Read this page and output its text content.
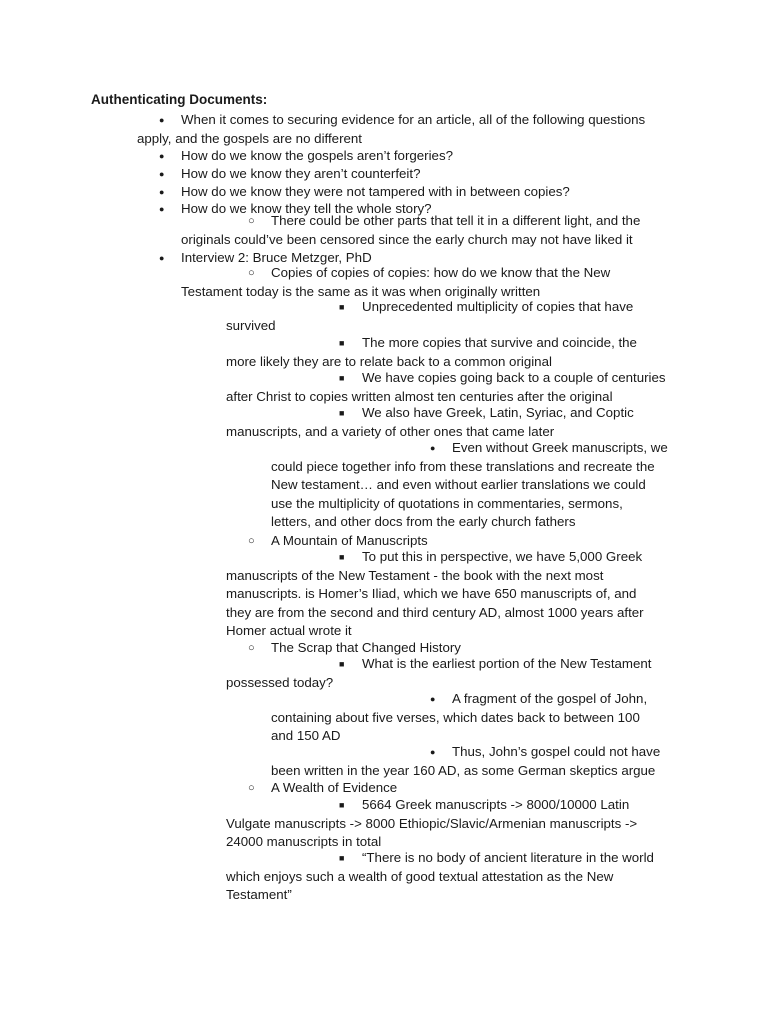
Authenticating Documents:
● When it comes to securing evidence for an article, all of the following questions
apply, and the gospels are no different
● How do we know the gospels aren’t forgeries?
● How do we know they aren’t counterfeit?
● How do we know they were not tampered with in between copies?
● How do we know they tell the whole story?
○ There could be other parts that tell it in a different light, and the
originals could’ve been censored since the early church may not have liked it
● Interview 2: Bruce Metzger, PhD
○ Copies of copies of copies: how do we know that the New
Testament today is the same as it was when originally written
■ Unprecedented multiplicity of copies that have
survived
■ The more copies that survive and coincide, the
more likely they are to relate back to a common original
■ We have copies going back to a couple of centuries
after Christ to copies written almost ten centuries after the original
■ We also have Greek, Latin, Syriac, and Coptic
manuscripts, and a variety of other ones that came later
● Even without Greek manuscripts, we
could piece together info from these translations and recreate the
New testament… and even without earlier translations we could
use the multiplicity of quotations in commentaries, sermons,
letters, and other docs from the early church fathers
○ A Mountain of Manuscripts
■ To put this in perspective, we have 5,000 Greek
manuscripts of the New Testament - the book with the next most
manuscripts. is Homer’s Iliad, which we have 650 manuscripts of, and
they are from the second and third century AD, almost 1000 years after
Homer actual wrote it
○ The Scrap that Changed History
■ What is the earliest portion of the New Testament
possessed today?
● A fragment of the gospel of John,
containing about five verses, which dates back to between 100
and 150 AD
● Thus, John’s gospel could not have
been written in the year 160 AD, as some German skeptics argue
○ A Wealth of Evidence
■ 5664 Greek manuscripts -> 8000/10000 Latin
Vulgate manuscripts -> 8000 Ethiopic/Slavic/Armenian manuscripts ->
24000 manuscripts in total
■ “There is no body of ancient literature in the world
which enjoys such a wealth of good textual attestation as the New
Testament”
